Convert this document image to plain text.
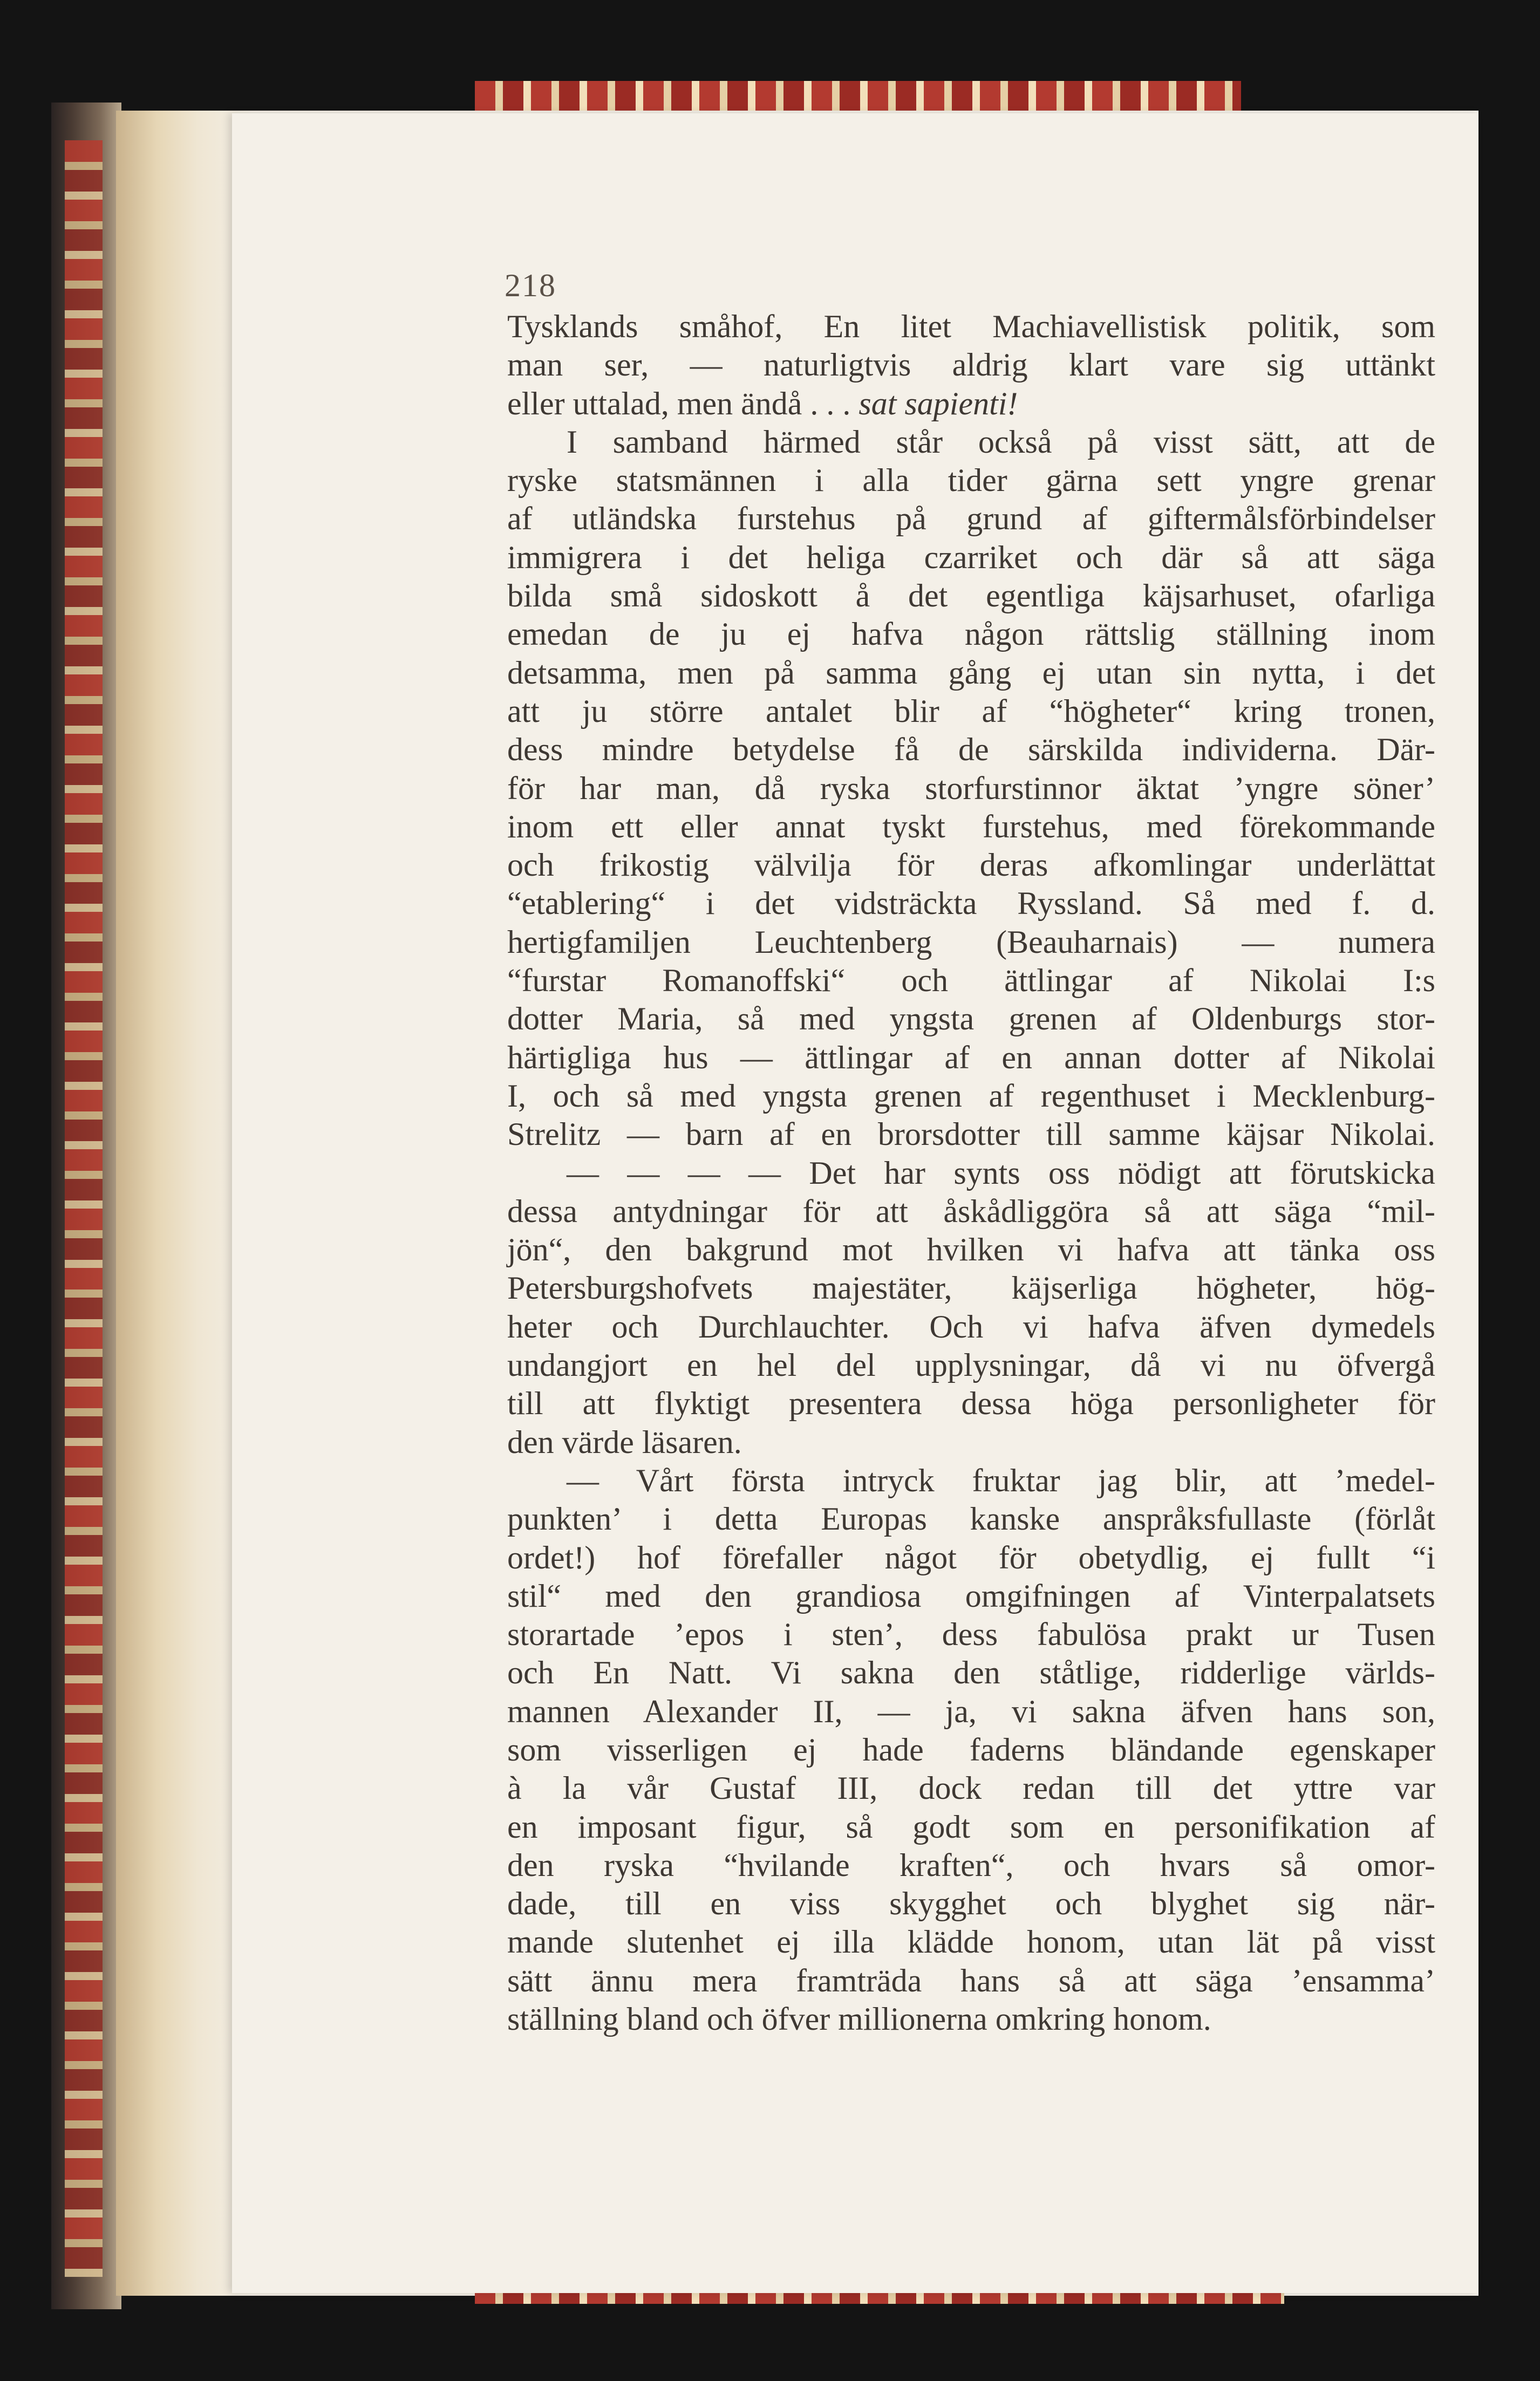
218
Tysklands småhof, En litet Machiavellistisk politik, som
man ser, — naturligtvis aldrig klart vare sig uttänkt
eller uttalad, men ändå . . . sat sapienti!
I samband härmed står också på visst sätt, att de
ryske statsmännen i alla tider gärna sett yngre grenar
af utländska furstehus på grund af giftermålsförbindelser
immigrera i det heliga czarriket och där så att säga
bilda små sidoskott å det egentliga käjsarhuset, ofarliga
emedan de ju ej hafva någon rättslig ställning inom
detsamma, men på samma gång ej utan sin nytta, i det
att ju större antalet blir af “högheter“ kring tronen,
dess mindre betydelse få de särskilda individerna. Där-
för har man, då ryska storfurstinnor äktat ’yngre söner’
inom ett eller annat tyskt furstehus, med förekommande
och frikostig välvilja för deras afkomlingar underlättat
“etablering“ i det vidsträckta Ryssland. Så med f. d.
hertigfamiljen Leuchtenberg (Beauharnais) — numera
“furstar Romanoffski“ och ättlingar af Nikolai I:s
dotter Maria, så med yngsta grenen af Oldenburgs stor-
härtigliga hus — ättlingar af en annan dotter af Nikolai
I, och så med yngsta grenen af regenthuset i Mecklenburg-
Strelitz — barn af en brorsdotter till samme käjsar Nikolai.
— — — — Det har synts oss nödigt att förutskicka
dessa antydningar för att åskådliggöra så att säga “mil-
jön“, den bakgrund mot hvilken vi hafva att tänka oss
Petersburgshofvets majestäter, käjserliga högheter, hög-
heter och Durchlauchter. Och vi hafva äfven dymedels
undangjort en hel del upplysningar, då vi nu öfvergå
till att flyktigt presentera dessa höga personligheter för
den värde läsaren.
— Vårt första intryck fruktar jag blir, att ’medel-
punkten’ i detta Europas kanske anspråksfullaste (förlåt
ordet!) hof förefaller något för obetydlig, ej fullt “i
stil“ med den grandiosa omgifningen af Vinterpalatsets
storartade ’epos i sten’, dess fabulösa prakt ur Tusen
och En Natt. Vi sakna den ståtlige, ridderlige världs-
mannen Alexander II, — ja, vi sakna äfven hans son,
som visserligen ej hade faderns bländande egenskaper
à la vår Gustaf III, dock redan till det yttre var
en imposant figur, så godt som en personifikation af
den ryska “hvilande kraften“, och hvars så omor-
dade, till en viss skygghet och blyghet sig när-
mande slutenhet ej illa klädde honom, utan lät på visst
sätt ännu mera framträda hans så att säga ’ensamma’
ställning bland och öfver millionerna omkring honom.
